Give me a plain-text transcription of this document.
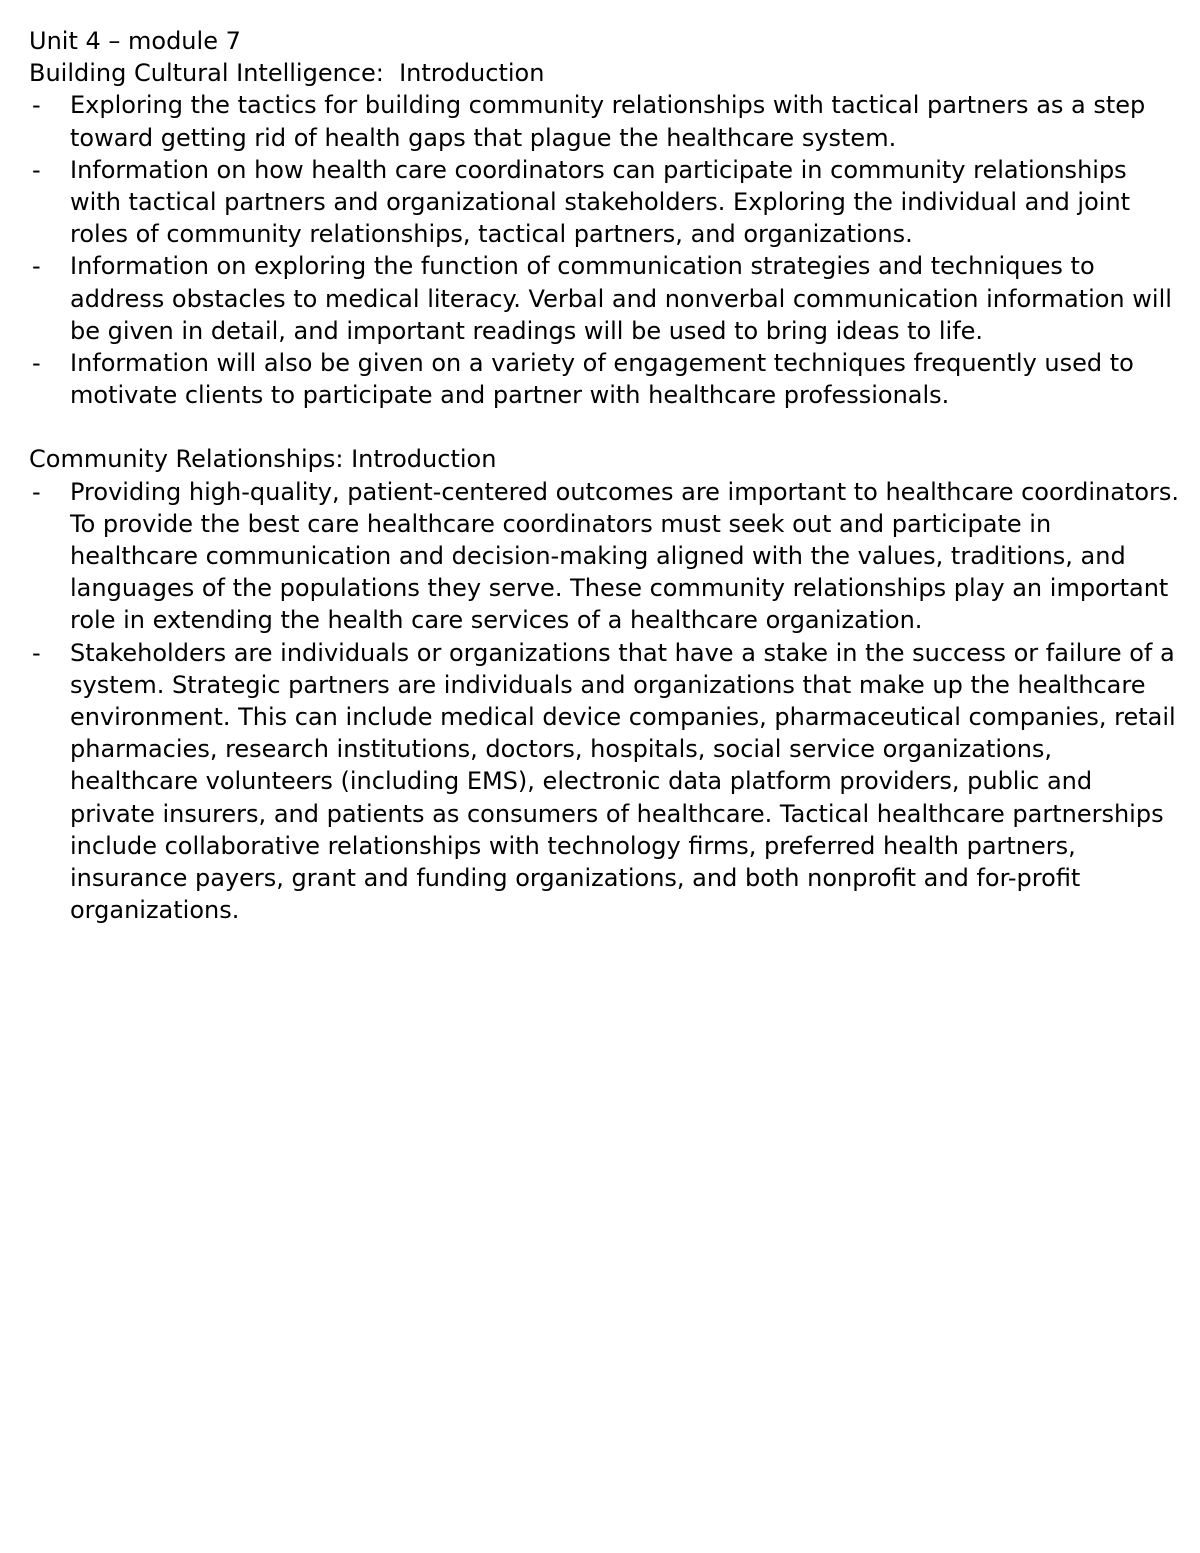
Unit 4 – module 7

Building Cultural Intelligence:  Introduction

- Exploring the tactics for building community relationships with tactical partners as a step toward getting rid of health gaps that plague the healthcare system.
- Information on how health care coordinators can participate in community relationships with tactical partners and organizational stakeholders. Exploring the individual and joint roles of community relationships, tactical partners, and organizations.
- Information on exploring the function of communication strategies and techniques to address obstacles to medical literacy. Verbal and nonverbal communication information will be given in detail, and important readings will be used to bring ideas to life.
- Information will also be given on a variety of engagement techniques frequently used to motivate clients to participate and partner with healthcare professionals.

Community Relationships: Introduction

- Providing high-quality, patient-centered outcomes are important to healthcare coordinators. To provide the best care healthcare coordinators must seek out and participate in healthcare communication and decision-making aligned with the values, traditions, and languages of the populations they serve. These community relationships play an important role in extending the health care services of a healthcare organization.
- Stakeholders are individuals or organizations that have a stake in the success or failure of a system. Strategic partners are individuals and organizations that make up the healthcare environment. This can include medical device companies, pharmaceutical companies, retail pharmacies, research institutions, doctors, hospitals, social service organizations, healthcare volunteers (including EMS), electronic data platform providers, public and private insurers, and patients as consumers of healthcare. Tactical healthcare partnerships include collaborative relationships with technology firms, preferred health partners, insurance payers, grant and funding organizations, and both nonprofit and for-profit organizations.
